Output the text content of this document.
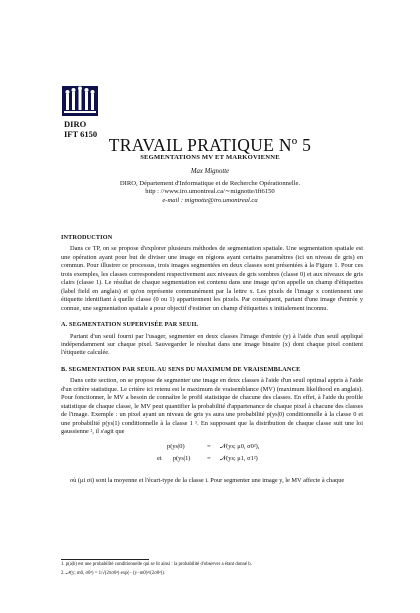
DIRO
IFT 6150
TRAVAIL PRATIQUE Nº 5
SEGMENTATIONS MV ET MARKOVIENNE
Max Mignotte
DIRO, Département d'Informatique et de Recherche Opérationnelle.
http : //www.iro.umontreal.ca/∼mignotte/ift6150
e-mail : mignotte@iro.umontreal.ca
INTRODUCTION

Dans ce TP, on se propose d'explorer plusieurs méthodes de segmentation spatiale. Une segmentation spatiale est une opération ayant pour but de diviser une image en régions ayant certains paramètres (ici un niveau de gris) en commun. Pour illustrer ce processus, trois images segmentées en deux classes sont présentées à la Figure 1. Pour ces trois exemples, les classes correspondent respectivement aux niveaux de gris sombres (classe 0) et aux niveaux de gris clairs (classe 1). Le résultat de chaque segmentation est contenu dans une image qu'on appelle un champ d'étiquettes (label field en anglais) et qu'on représente communément par la lettre x. Les pixels de l'image x contiennent une étiquette identifiant à quelle classe (0 ou 1) appartiennent les pixels. Par conséquent, partant d'une image d'entrée y connue, une segmentation spatiale a pour objectif d'estimer un champ d'étiquettes x initialement inconnu.

A. SEGMENTATION SUPERVISÉE PAR SEUIL

Partant d'un seuil fourni par l'usager, segmenter en deux classes l'image d'entrée (y) à l'aide d'un seuil appliqué indépendamment sur chaque pixel. Sauvegarder le résultat dans une image binaire (x) dont chaque pixel contient l'étiquette calculée.

B. SEGMENTATION PAR SEUIL AU SENS DU MAXIMUM DE VRAISEMBLANCE

Dans cette section, on se propose de segmenter une image en deux classes à l'aide d'un seuil optimal appris à l'aide d'un critère statistique. Le critère ici retenu est le maximum de vraisemblance (MV) (maximum likelihood en anglais). Pour fonctionner, le MV a besoin de connaître le profil statistique de chacune des classes. En effet, à l'aide du profile statistique de chaque classe, le MV peut quantifier la probabilité d'appartenance de chaque pixel à chacune des classes de l'image. Exemple : un pixel ayant un niveau de gris ys aura une probabilité p(ys|0) conditionnelle à la classe 0 et une probabilité p(ys|1) conditionnelle à la classe 1 ¹. En supposant que la distribution de chaque classe suit une loi gaussienne ², il s'agit que

p(ys|0)	= 𝒩(ys; μ0, σ0²),
et p(ys|1)	= 𝒩(ys; μ1, σ1²)

où (μi σi) sont la moyenne et l'écart-type de la classe i. Pour segmenter une image y, le MV affecte à chaque

1. p(a|b) est une probabilité conditionnelle qui se lit ainsi : la probabilité d'observer a étant donné b.
2. 𝒩(y; m0, σ0²) = 1/√(2πσ0²) exp(− (y−m0)²/(2σ0²)).
